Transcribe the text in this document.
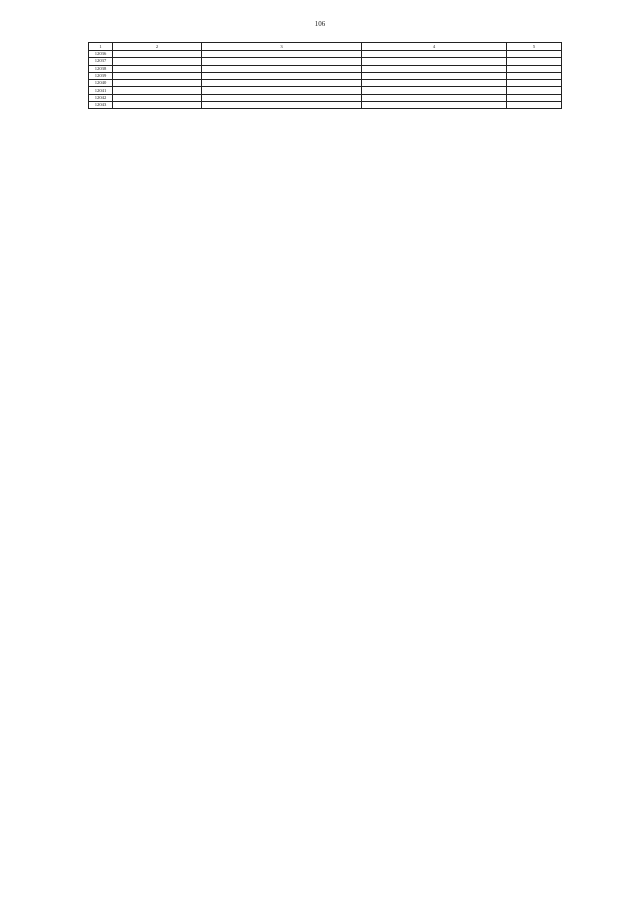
106
1	2	3	4	5
12036				
12037				
12038				
12039				
12040				
12041				
12042				
12043				
